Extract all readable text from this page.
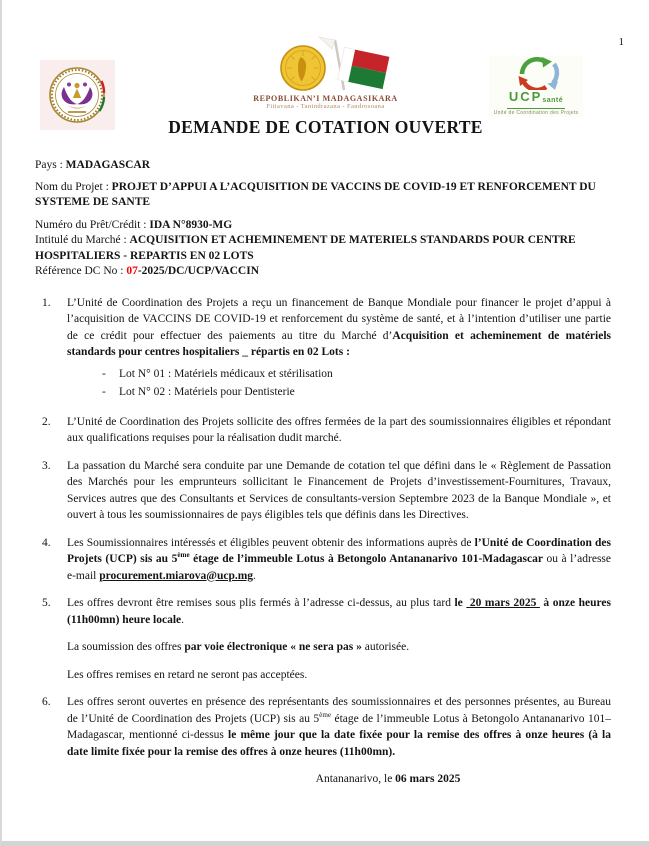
1
REPOBLIKAN’I MADAGASIKARA
Fitiavana - Tanindrazana - Fandrosoana
UCPsanté
Unité de Coordination des Projets
DEMANDE DE COTATION OUVERTE

Pays : MADAGASCAR

Nom du Projet : PROJET D’APPUI A L’ACQUISITION DE VACCINS DE COVID-19 ET RENFORCEMENT DU SYSTEME DE SANTE

Numéro du Prêt/Crédit : IDA N°8930-MG

Intitulé du Marché : ACQUISITION ET ACHEMINEMENT DE MATERIELS STANDARDS POUR CENTRE HOSPITALIERS - REPARTIS EN 02 LOTS

Référence DC No : 07-2025/DC/UCP/VACCIN

1. L’Unité de Coordination des Projets a reçu un financement de Banque Mondiale pour financer le projet d’appui à l’acquisition de VACCINS DE COVID-19 et renforcement du système de santé, et à l’intention d’utiliser une partie de ce crédit pour effectuer des paiements au titre du Marché d’Acquisition et acheminement de matériels standards pour centres hospitaliers _ répartis en 02 Lots :
- Lot N° 01 : Matériels médicaux et stérilisation
- Lot N° 02 : Matériels pour Dentisterie
2. L’Unité de Coordination des Projets sollicite des offres fermées de la part des soumissionnaires éligibles et répondant aux qualifications requises pour la réalisation dudit marché.
3. La passation du Marché sera conduite par une Demande de cotation tel que défini dans le « Règlement de Passation des Marchés pour les emprunteurs sollicitant le Financement de Projets d’investissement-Fournitures, Travaux, Services autres que des Consultants et Services de consultants-version Septembre 2023 de la Banque Mondiale », et ouvert à tous les soumissionnaires de pays éligibles tels que définis dans les Directives.
4. Les Soumissionnaires intéressés et éligibles peuvent obtenir des informations auprès de l’Unité de Coordination des Projets (UCP) sis au 5ème étage de l’immeuble Lotus à Betongolo Antananarivo 101-Madagascar ou à l’adresse e-mail procurement.miarova@ucp.mg.
5. Les offres devront être remises sous plis fermés à l’adresse ci-dessus, au plus tard le  20 mars 2025  à onze heures (11h00mn) heure locale.
La soumission des offres par voie électronique « ne sera pas » autorisée.
Les offres remises en retard ne seront pas acceptées.
6. Les offres seront ouvertes en présence des représentants des soumissionnaires et des personnes présentes, au Bureau de l’Unité de Coordination des Projets (UCP) sis au 5ème étage de l’immeuble Lotus à Betongolo Antananarivo 101– Madagascar, mentionné ci-dessus le même jour que la date fixée pour la remise des offres à onze heures (à la date limite fixée pour la remise des offres à onze heures (11h00mn).
Antananarivo, le 06 mars 2025
